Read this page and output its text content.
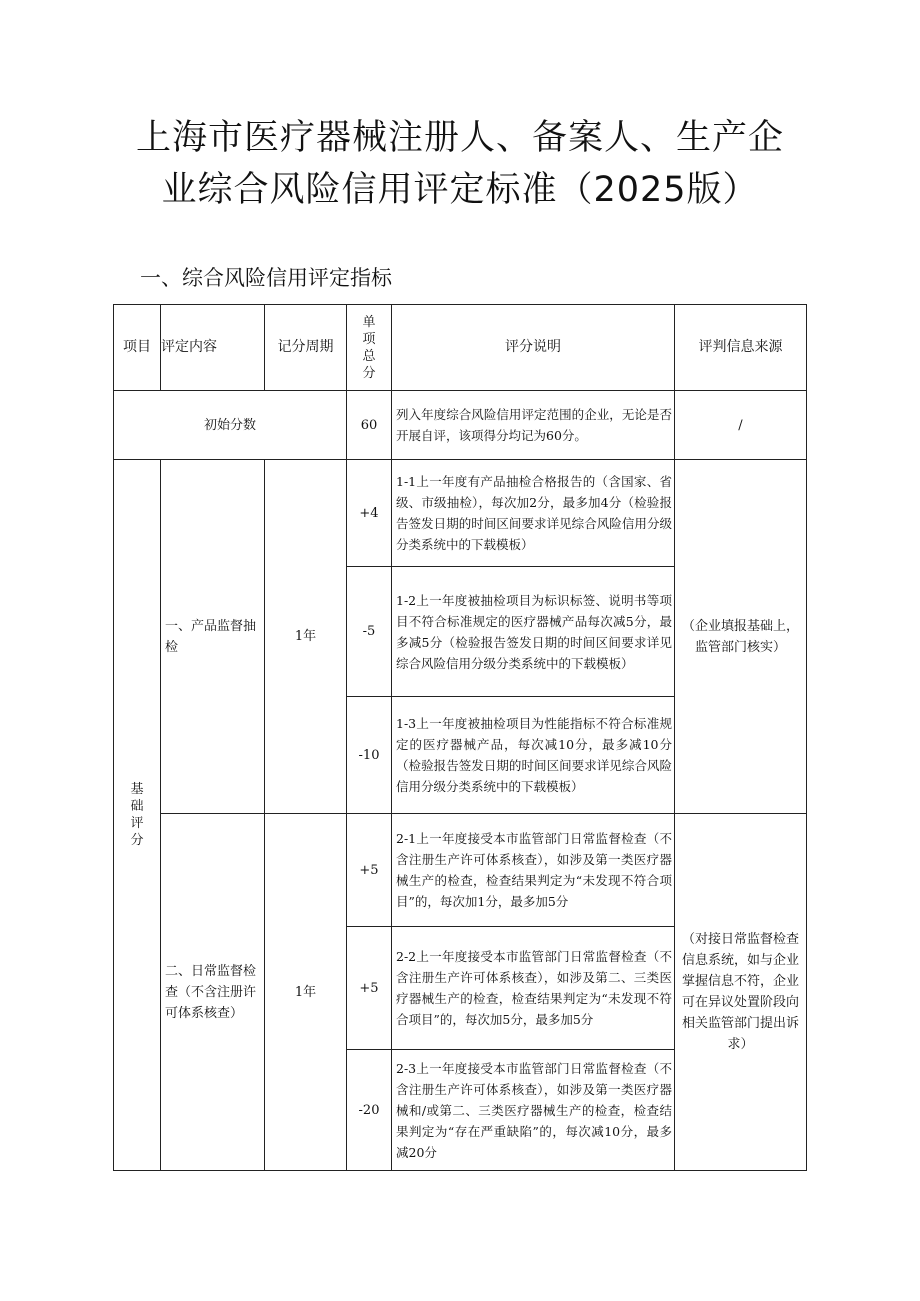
上海市医疗器械注册人、备案人、生产企
业综合风险信用评定标准（2025版）
一、综合风险信用评定指标
项目	评定内容	记分周期	单项总分	评分说明	评判信息来源
初始分数			60	列入年度综合风险信用评定范围的企业，无论是否开展自评，该项得分均记为60分。	/

基础评分	一、产品监督抽检	1年	+4	1-1上一年度有产品抽检合格报告的（含国家、省级、市级抽检），每次加2分，最多加4分（检验报告签发日期的时间区间要求详见综合风险信用分级分类系统中的下载模板）	（企业填报基础上，监管部门核实）
			-5	1-2上一年度被抽检项目为标识标签、说明书等项目不符合标准规定的医疗器械产品每次减5分，最多减5分（检验报告签发日期的时间区间要求详见综合风险信用分级分类系统中的下载模板）	
			-10	1-3上一年度被抽检项目为性能指标不符合标准规定的医疗器械产品，每次减10分，最多减10分（检验报告签发日期的时间区间要求详见综合风险信用分级分类系统中的下载模板）	
	二、日常监督检查（不含注册许可体系核查）	1年	+5	2-1上一年度接受本市监管部门日常监督检查（不含注册生产许可体系核查），如涉及第一类医疗器械生产的检查，检查结果判定为“未发现不符合项目”的，每次加1分，最多加5分	（对接日常监督检查信息系统，如与企业掌握信息不符，企业可在异议处置阶段向相关监管部门提出诉求）
			+5	2-2上一年度接受本市监管部门日常监督检查（不含注册生产许可体系核查），如涉及第二、三类医疗器械生产的检查，检查结果判定为“未发现不符合项目”的，每次加5分，最多加5分	
			-20	2-3上一年度接受本市监管部门日常监督检查（不含注册生产许可体系核查），如涉及第一类医疗器械和/或第二、三类医疗器械生产的检查，检查结果判定为“存在严重缺陷”的，每次减10分，最多减20分	
